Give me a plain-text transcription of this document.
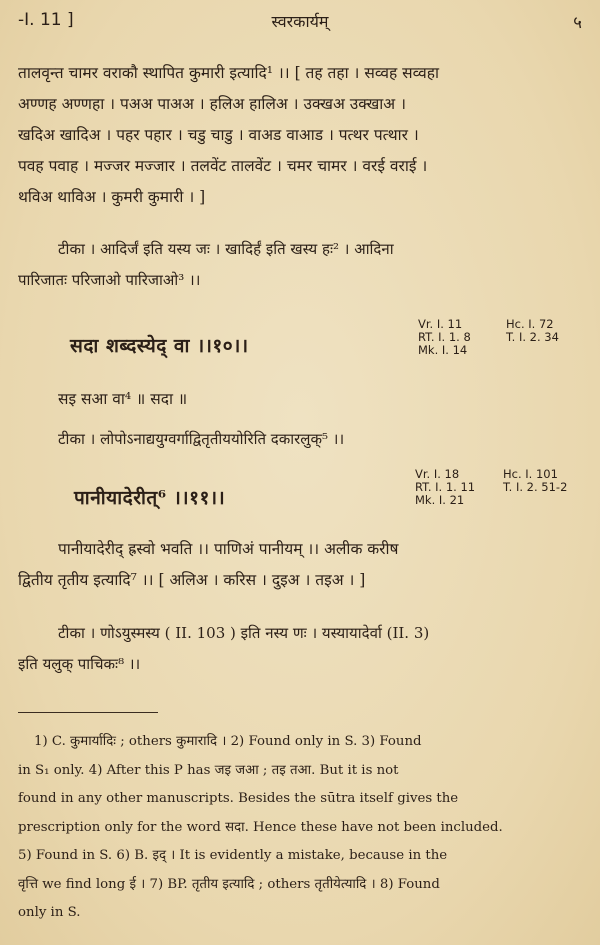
-I. 11 ]	स्वरकार्यम्	५
तालवृन्त चामर वराकौ स्थापित कुमारी इत्यादि¹ ।। [ तह तहा । सव्वह सव्वहा
अण्णह अण्णहा । पअअ पाअअ । हलिअ हालिअ । उक्खअ उक्खाअ ।
खदिअ खादिअ । पहर पहार । चडु चाडु । वाअड वाआड । पत्थर पत्थार ।
पवह पवाह । मज्जर मज्जार । तलवेंट तालवेंट । चमर चामर । वरई वराई ।
थविअ थाविअ । कुमरी कुमारी । ]
टीका । आदिर्जं इति यस्य जः । खादिर्हं इति खस्य हः² । आदिना
पारिजातः परिजाओ पारिजाओ³ ।।
सदा शब्दस्येद् वा ।।१०।।
Vr. I. 11	Hc. I. 72
RT. I. 1. 8	T. I. 2. 34
Mk. I. 14
सइ सआ वा⁴ ॥ सदा ॥
टीका । लोपोऽनाद्ययुग्वर्गाद्वितृतीययोरिति दकारलुक्⁵ ।।
पानीयादेरीत्⁶ ।।११।।
Vr. I. 18	Hc. I. 101
RT. I. 1. 11 T. I. 2. 51-2
Mk. I. 21
पानीयादेरीद् ह्रस्वो भवति ।। पाणिअं पानीयम् ।। अलीक करीष
द्वितीय तृतीय इत्यादि⁷ ।। [ अलिअ । करिस । दुइअ । तइअ । ]
टीका । णोऽयुस्मस्य ( II. 103 ) इति नस्य णः । यस्यायादेर्वा (II. 3)
इति यलुक् पाचिकः⁸ ।।
1) C. कुमार्यादिः ; others कुमारादि । 2) Found only in S. 3) Found
in S₁ only. 4) After this P has जइ जआ ; तइ तआ. But it is not
found in any other manuscripts. Besides the sūtra itself gives the
prescription only for the word सदा. Hence these have not been included.
5) Found in S. 6) B. इद् । It is evidently a mistake, because in the
वृत्ति we find long ई । 7) BP. तृतीय इत्यादि ; others तृतीयेत्यादि । 8) Found
only in S.
